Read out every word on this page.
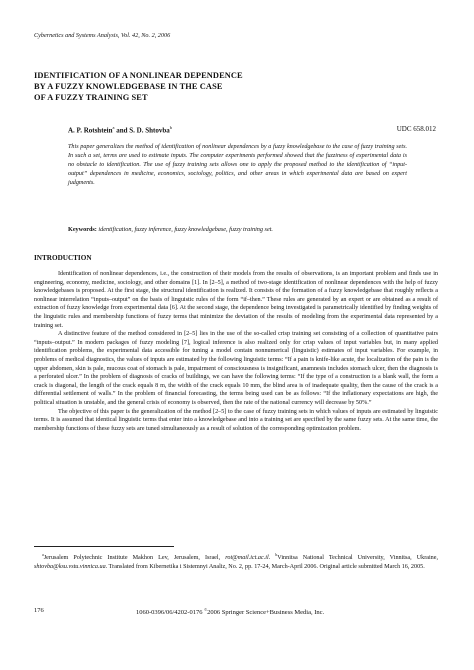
Cybernetics and Systems Analysis, Vol. 42, No. 2, 2006
IDENTIFICATION OF A NONLINEAR DEPENDENCE
BY A FUZZY KNOWLEDGEBASE IN THE CASE
OF A FUZZY TRAINING SET
A. P. Rotshtein$^a$ and S. D. Shtovba$^b$	UDC 658.012

This paper generalizes the method of identification of nonlinear dependences by a fuzzy knowledgebase to the case of fuzzy training sets. In such a set, terms are used to estimate inputs. The computer experiments performed showed that the fuzziness of experimental data is no obstacle to identification. The use of fuzzy training sets allows one to apply the proposed method to the identification of “input-output” dependences in medicine, economics, sociology, politics, and other areas in which experimental data are based on expert judgments.

Keywords: identification, fuzzy inference, fuzzy knowledgebase, fuzzy training set.
INTRODUCTION

Identification of nonlinear dependences, i.e., the construction of their models from the results of observations, is an important problem and finds use in engineering, economy, medicine, sociology, and other domains [1]. In [2–5], a method of two-stage identification of nonlinear dependences with the help of fuzzy knowledgebases is proposed. At the first stage, the structural identification is realized. It consists of the formation of a fuzzy knowledgebase that roughly reflects a nonlinear interrelation “inputs–output” on the basis of linguistic rules of the form “if–then.” These rules are generated by an expert or are obtained as a result of extraction of fuzzy knowledge from experimental data [6]. At the second stage, the dependence being investigated is parametrically identified by finding weights of the linguistic rules and membership functions of fuzzy terms that minimize the deviation of the results of modeling from the experimental data represented by a training set.

A distinctive feature of the method considered in [2–5] lies in the use of the so-called crisp training set consisting of a collection of quantitative pairs “inputs–output.” In modern packages of fuzzy modeling [7], logical inference is also realized only for crisp values of input variables but, in many applied identification problems, the experimental data accessible for tuning a model contain nonnumerical (linguistic) estimates of input variables. For example, in problems of medical diagnostics, the values of inputs are estimated by the following linguistic terms: “If a pain is knife-like acute, the localization of the pain is the upper abdomen, skin is pale, mucous coat of stomach is pale, impairment of consciousness is insignificant, anamnesis includes stomach ulcer, then the diagnosis is a perforated ulcer.” In the problem of diagnosis of cracks of buildings, we can have the following terms: “If the type of a construction is a blank wall, the form a crack is diagonal, the length of the crack equals 8 m, the width of the crack equals 10 mm, the blind area is of inadequate quality, then the cause of the crack is a differential settlement of walls.” In the problem of financial forecasting, the terms being used can be as follows: “If the inflationary expectations are high, the political situation is unstable, and the general crisis of economy is observed, then the rate of the national currency will decrease by 50%.”

The objective of this paper is the generalization of the method [2–5] to the case of fuzzy training sets in which values of inputs are estimated by linguistic terms. It is assumed that identical linguistic terms that enter into a knowledgebase and into a training set are specified by the same fuzzy sets. At the same time, the membership functions of these fuzzy sets are tuned simultaneously as a result of solution of the corresponding optimization problem.

$^a$Jerusalem Polytechnic Institute Makhon Lev, Jerusalem, Israel, rot@mail.ict.ac.il. $^b$Vinnitsa National Technical University, Vinnitsa, Ukraine, shtovba@ksu.vstu.vinnica.ua. Translated from Kibernetika i Sistemnyi Analiz, No. 2, pp. 17-24, March-April 2006. Original article submitted March 16, 2005.

176	1060-0396/06/4202-0176 ©2006 Springer Science+Business Media, Inc.
